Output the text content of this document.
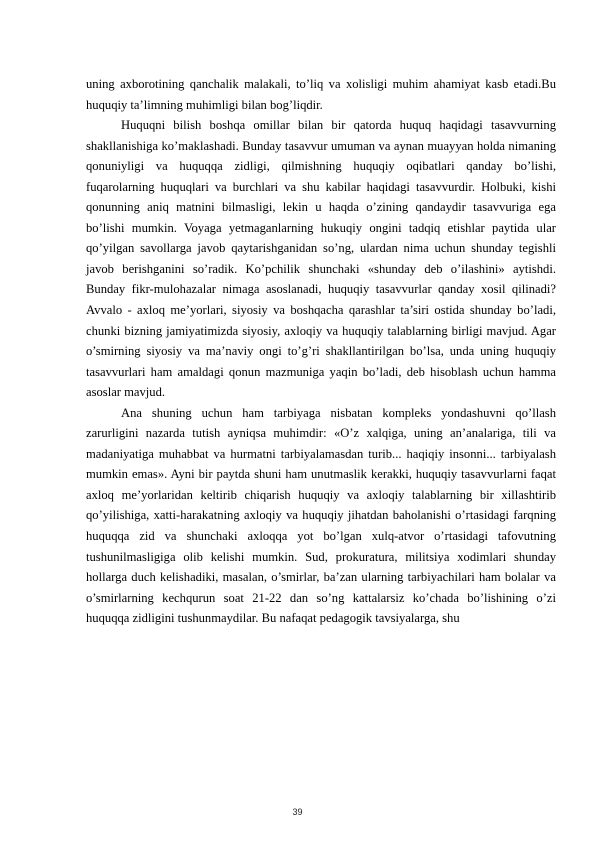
uning axborotining qanchalik malakali, to’liq va xolisligi muhim ahamiyat kasb etadi.Bu huquqiy ta’limning muhimligi bilan bog’liqdir.

Huquqni bilish boshqa omillar bilan bir qatorda huquq haqidagi tasavvurning shakllanishiga ko’maklashadi. Bunday tasavvur umuman va aynan muayyan holda nimaning qonuniyligi va huquqqa zidligi, qilmishning huquqiy oqibatlari qanday bo’lishi, fuqarolarning huquqlari va burchlari va shu kabilar haqidagi tasavvurdir. Holbuki, kishi qonunning aniq matnini bilmasligi, lekin u haqda o’zining qandaydir tasavvuriga ega bo’lishi mumkin. Voyaga yetmaganlarning hukuqiy ongini tadqiq etishlar paytida ular qo’yilgan savollarga javob qaytarishganidan so’ng, ulardan nima uchun shunday tegishli javob berishganini so’radik. Ko’pchilik shunchaki «shunday deb o’ilashini» aytishdi. Bunday fikr-mulohazalar nimaga asoslanadi, huquqiy tasavvurlar qanday xosil qilinadi? Avvalo - axloq me’yorlari, siyosiy va boshqacha qarashlar ta’siri ostida shunday bo’ladi, chunki bizning jamiyatimizda siyosiy, axloqiy va huquqiy talablarning birligi mavjud. Agar o’smirning siyosiy va ma’naviy ongi to’g’ri shakllantirilgan bo’lsa, unda uning huquqiy tasavvurlari ham amaldagi qonun mazmuniga yaqin bo’ladi, deb hisoblash uchun hamma asoslar mavjud.

Ana shuning uchun ham tarbiyaga nisbatan kompleks yondashuvni qo’llash zarurligini nazarda tutish ayniqsa muhimdir: «O’z xalqiga, uning an’analariga, tili va madaniyatiga muhabbat va hurmatni tarbiyalamasdan turib... haqiqiy insonni... tarbiyalash mumkin emas». Ayni bir paytda shuni ham unutmaslik kerakki, huquqiy tasavvurlarni faqat axloq me’yorlaridan keltirib chiqarish huquqiy va axloqiy talablarning bir xillashtirib qo’yilishiga, xatti-harakatning axloqiy va huquqiy jihatdan baholanishi o’rtasidagi farqning huquqqa zid va shunchaki axloqqa yot bo’lgan xulq-atvor o’rtasidagi tafovutning tushunilmasligiga olib kelishi mumkin. Sud, prokuratura, militsiya xodimlari shunday hollarga duch kelishadiki, masalan, o’smirlar, ba’zan ularning tarbiyachilari ham bolalar va o’smirlarning kechqurun soat 21-22 dan so’ng kattalarsiz ko’chada bo’lishining o’zi huquqqa zidligini tushunmaydilar. Bu nafaqat pedagogik tavsiyalarga, shu

39
